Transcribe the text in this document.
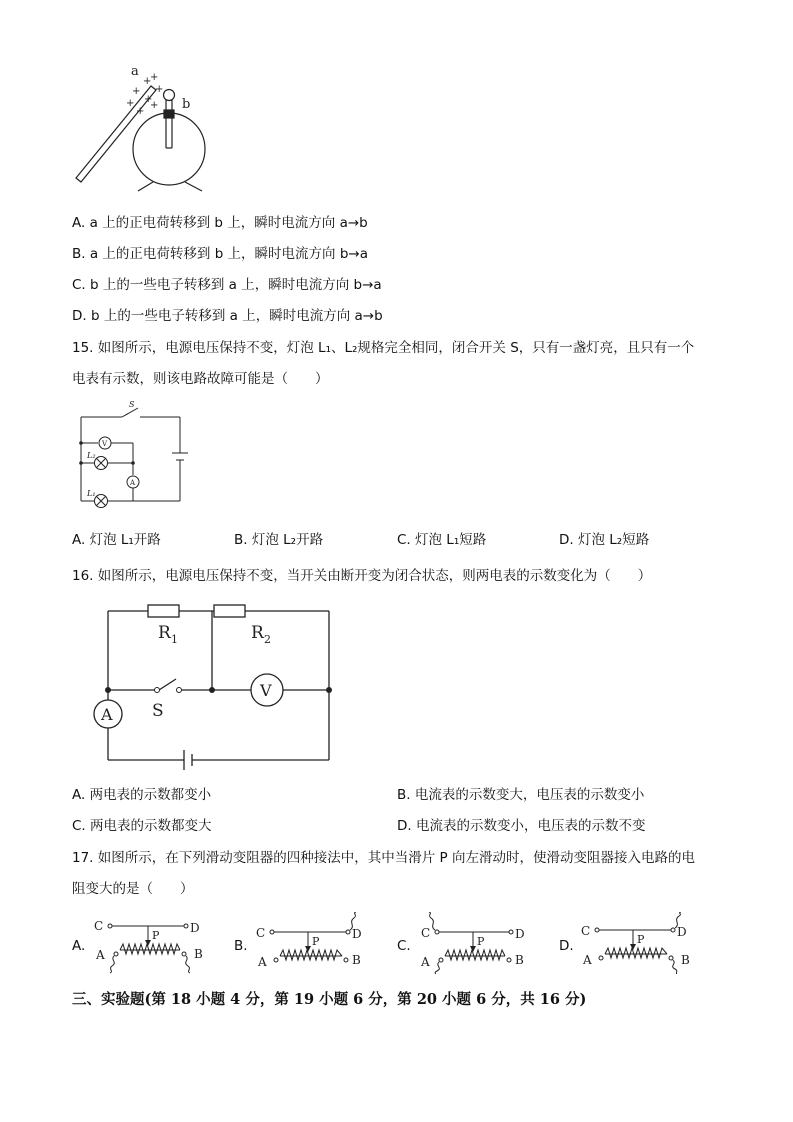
a
+
+
+ +
+ +
+
+ b
A. a 上的正电荷转移到 b 上，瞬时电流方向 a→b
B. a 上的正电荷转移到 b 上，瞬时电流方向 b→a
C. b 上的一些电子转移到 a 上，瞬时电流方向 b→a
D. b 上的一些电子转移到 a 上，瞬时电流方向 a→b
15. 如图所示，电源电压保持不变，灯泡 L₁、L₂规格完全相同，闭合开关 S，只有一盏灯亮，且只有一个
电表有示数，则该电路故障可能是（　　）
S
V
A
L₂
L₁
A. 灯泡 L₁开路	B. 灯泡 L₂开路	C. 灯泡 L₁短路	D. 灯泡 L₂短路
16. 如图所示，电源电压保持不变，当开关由断开变为闭合状态，则两电表的示数变化为（　　）
R 1	R 2
S
A
V
A. 两电表的示数都变小	B. 电流表的示数变大，电压表的示数变小
C. 两电表的示数都变大	D. 电流表的示数变小，电压表的示数不变
17. 如图所示，在下列滑动变阻器的四种接法中，其中当滑片 P 向左滑动时，使滑动变阻器接入电路的电
阻变大的是（　　）
A.
C	D
P
A	B B.
C	D
P
A	B
C.
C	D
P
A	B
D.
C	D
P
A	B
三、实验题(第 18 小题 4 分，第 19 小题 6 分，第 20 小题 6 分，共 16 分)
